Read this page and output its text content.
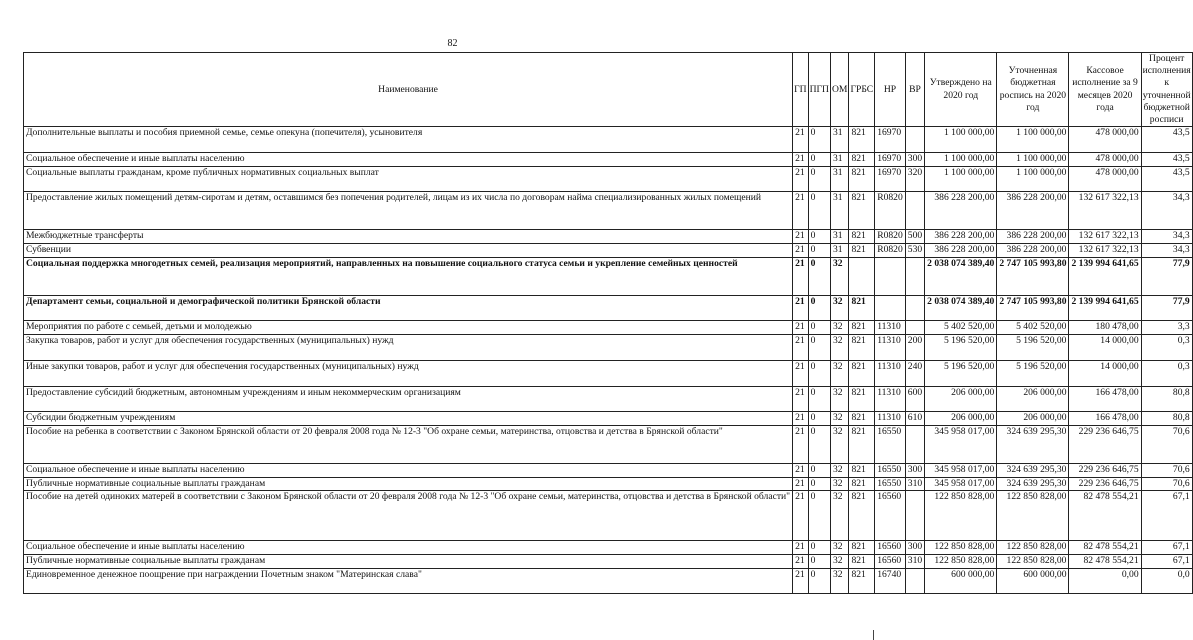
82
Наименование	ГП	ПГП	ОМ	ГРБС	НР	ВР	Утверждено на 2020 год	Уточненная бюджетная роспись на 2020 год	Кассовое исполнение за 9 месяцев 2020 года	Процент исполнения к уточненной бюджетной росписи
Дополнительные выплаты и пособия приемной семье, семье опекуна (попечителя), усыновителя	21	0	31	821	16970		1 100 000,00	1 100 000,00	478 000,00	43,5
Социальное обеспечение и иные выплаты населению	21	0	31	821	16970	300	1 100 000,00	1 100 000,00	478 000,00	43,5
Социальные выплаты гражданам, кроме публичных нормативных социальных выплат	21	0	31	821	16970	320	1 100 000,00	1 100 000,00	478 000,00	43,5
Предоставление жилых помещений детям-сиротам и детям, оставшимся без попечения родителей, лицам из их числа по договорам найма специализированных жилых помещений	21	0	31	821	R0820		386 228 200,00	386 228 200,00	132 617 322,13	34,3
Межбюджетные трансферты	21	0	31	821	R0820	500	386 228 200,00	386 228 200,00	132 617 322,13	34,3
Субвенции	21	0	31	821	R0820	530	386 228 200,00	386 228 200,00	132 617 322,13	34,3
Социальная поддержка многодетных семей, реализация мероприятий, направленных на повышение социального статуса семьи и укрепление семейных ценностей	21	0	32				2 038 074 389,40	2 747 105 993,80	2 139 994 641,65	77,9
Департамент семьи, социальной и демографической политики Брянской области	21	0	32	821			2 038 074 389,40	2 747 105 993,80	2 139 994 641,65	77,9
Мероприятия по работе с семьей, детьми и молодежью	21	0	32	821	11310		5 402 520,00	5 402 520,00	180 478,00	3,3
Закупка товаров, работ и услуг для обеспечения государственных (муниципальных) нужд	21	0	32	821	11310	200	5 196 520,00	5 196 520,00	14 000,00	0,3
Иные закупки товаров, работ и услуг для обеспечения государственных (муниципальных) нужд	21	0	32	821	11310	240	5 196 520,00	5 196 520,00	14 000,00	0,3
Предоставление субсидий бюджетным, автономным учреждениям и иным некоммерческим организациям	21	0	32	821	11310	600	206 000,00	206 000,00	166 478,00	80,8
Субсидии бюджетным учреждениям	21	0	32	821	11310	610	206 000,00	206 000,00	166 478,00	80,8
Пособие на ребенка в соответствии с Законом Брянской области от 20 февраля 2008 года № 12-3 "Об охране семьи, материнства, отцовства и детства в Брянской области"	21	0	32	821	16550		345 958 017,00	324 639 295,30	229 236 646,75	70,6
Социальное обеспечение и иные выплаты населению	21	0	32	821	16550	300	345 958 017,00	324 639 295,30	229 236 646,75	70,6
Публичные нормативные социальные выплаты гражданам	21	0	32	821	16550	310	345 958 017,00	324 639 295,30	229 236 646,75	70,6
Пособие на детей одиноких матерей в соответствии с Законом Брянской области от 20 февраля 2008 года № 12-3 "Об охране семьи, материнства, отцовства и детства в Брянской области"	21	0	32	821	16560		122 850 828,00	122 850 828,00	82 478 554,21	67,1
Социальное обеспечение и иные выплаты населению	21	0	32	821	16560	300	122 850 828,00	122 850 828,00	82 478 554,21	67,1
Публичные нормативные социальные выплаты гражданам	21	0	32	821	16560	310	122 850 828,00	122 850 828,00	82 478 554,21	67,1
Единовременное денежное поощрение при награждении Почетным знаком "Материнская слава"	21	0	32	821	16740		600 000,00	600 000,00	0,00	0,0
